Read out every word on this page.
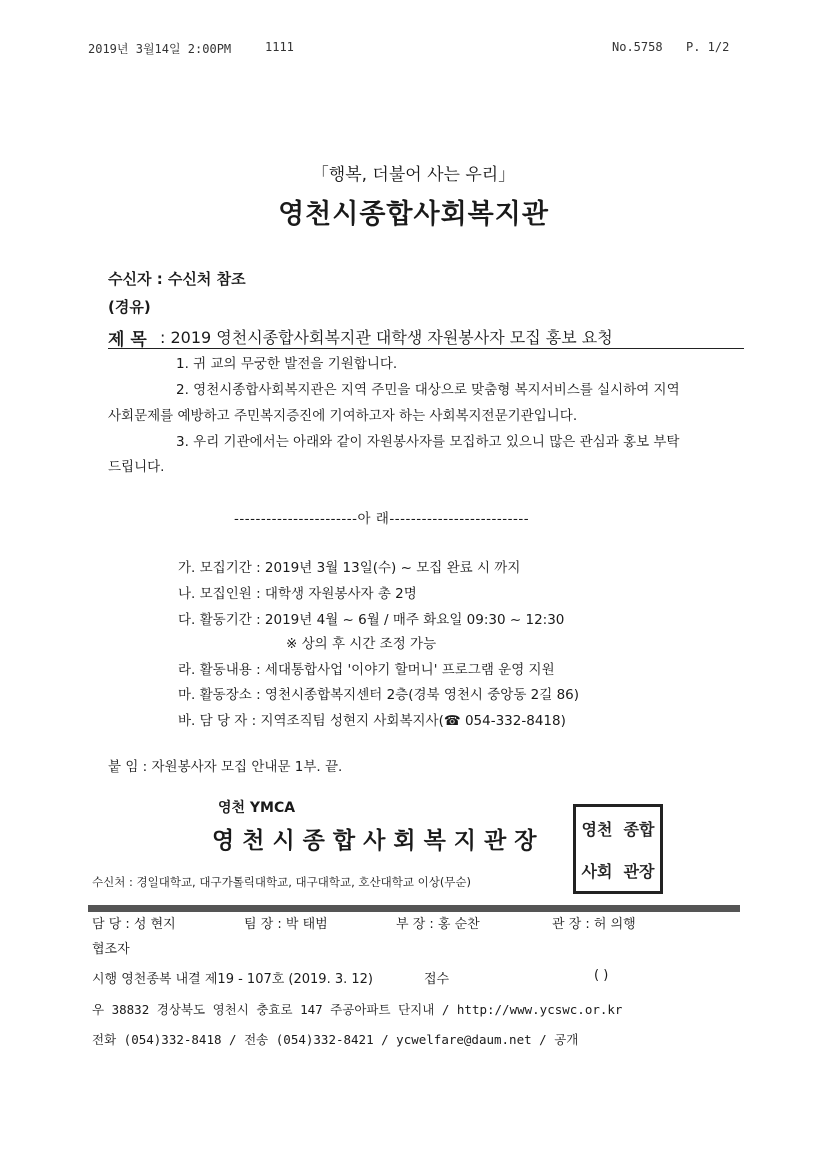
2019년 3월14일 2:00PM	1111	No.5758 P. 1/2
「행복, 더불어 사는 우리」
영천시종합사회복지관
수신자 : 수신처 참조
(경유)
제 목 : 2019 영천시종합사회복지관 대학생 자원봉사자 모집 홍보 요청
1. 귀 교의 무궁한 발전을 기원합니다.
2. 영천시종합사회복지관은 지역 주민을 대상으로 맞춤형 복지서비스를 실시하여 지역
사회문제를 예방하고 주민복지증진에 기여하고자 하는 사회복지전문기관입니다.
3. 우리 기관에서는 아래와 같이 자원봉사자를 모집하고 있으니 많은 관심과 홍보 부탁
드립니다.
-----------------------아 래--------------------------
가. 모집기간 : 2019년 3월 13일(수) ~ 모집 완료 시 까지
나. 모집인원 : 대학생 자원봉사자 총 2명
다. 활동기간 : 2019년 4월 ~ 6월 / 매주 화요일 09:30 ~ 12:30
※ 상의 후 시간 조정 가능
라. 활동내용 : 세대통합사업 '이야기 할머니' 프로그램 운영 지원
마. 활동장소 : 영천시종합복지센터 2층(경북 영천시 중앙동 2길 86)
바. 담 당 자 : 지역조직팀 성현지 사회복지사(☎ 054-332-8418)
붙 임 : 자원봉사자 모집 안내문 1부. 끝.
영천 YMCA
영 천 시 종 합 사 회 복 지 관 장	영천 종합
사회 관장
수신처 : 경일대학교, 대구가톨릭대학교, 대구대학교, 호산대학교 이상(무순)
담 당 : 성 현지	팀 장 : 박 태범	부 장 : 홍 순찬	관 장 : 허 의행
협조자
시행 영천종복 내결 제19 - 107호 (2019. 3. 12)	접수	( )
우 38832 경상북도 영천시 충효로 147 주공아파트 단지내 / http://www.ycswc.or.kr
전화 (054)332-8418 / 전송 (054)332-8421 / ycwelfare@daum.net / 공개
